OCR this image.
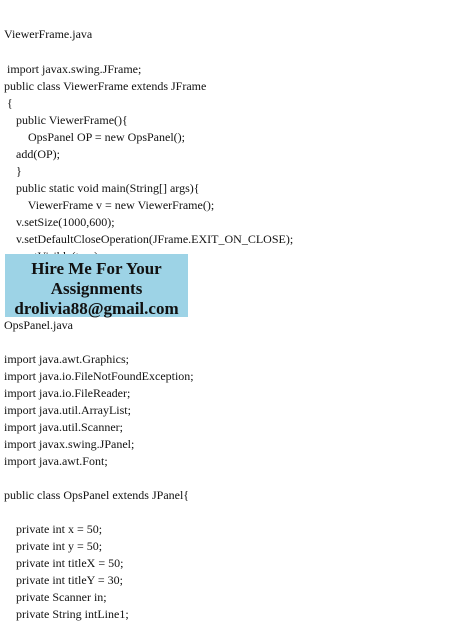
ViewerFrame.java
import javax.swing.JFrame;
public class ViewerFrame extends JFrame
{
public ViewerFrame(){
OpsPanel OP = new OpsPanel();
add(OP);
}
public static void main(String[] args){
ViewerFrame v = new ViewerFrame();
v.setSize(1000,600);
v.setDefaultCloseOperation(JFrame.EXIT_ON_CLOSE);
Hire Me For Your
Assignments
drolivia88@gmail.com
OpsPanel.java
import java.awt.Graphics;
import java.io.FileNotFoundException;
import java.io.FileReader;
import java.util.ArrayList;
import java.util.Scanner;
import javax.swing.JPanel;
import java.awt.Font;
public class OpsPanel extends JPanel{
private int x = 50;
private int y = 50;
private int titleX = 50;
private int titleY = 30;
private Scanner in;
private String intLine1;
